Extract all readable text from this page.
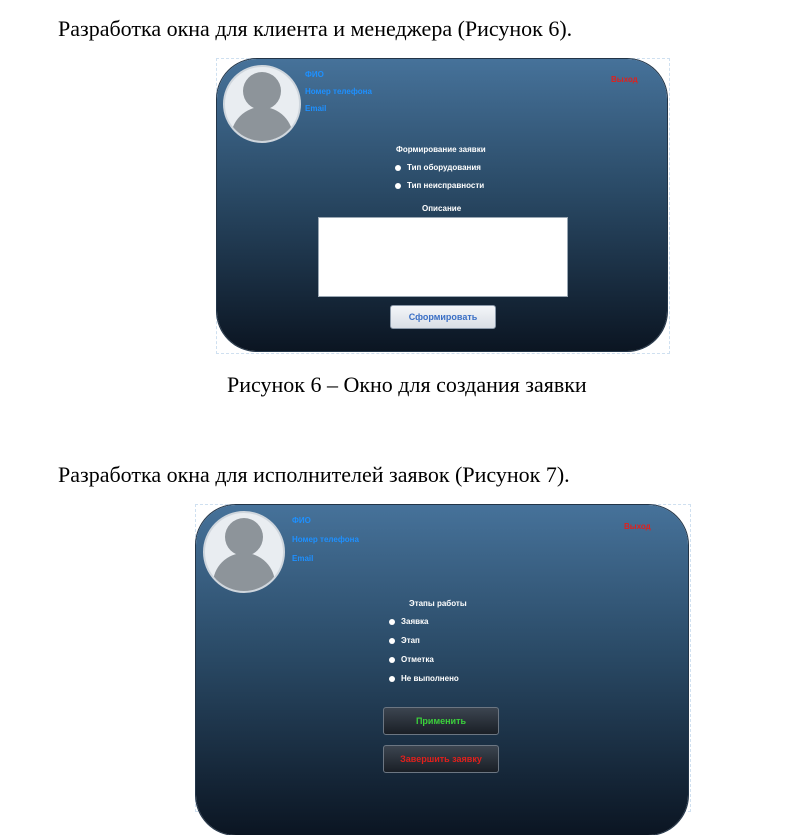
Разработка окна для клиента и менеджера (Рисунок 6).
ФИО
Номер телефона
Email
Выход
Формирование заявки
Тип оборудования
Тип неисправности
Описание
Сформировать
Рисунок 6 – Окно для создания заявки
Разработка окна для исполнителей заявок (Рисунок 7).
ФИО
Номер телефона
Email
Выход
Этапы работы
Заявка
Этап
Отметка
Не выполнено
Применить
Завершить заявку
